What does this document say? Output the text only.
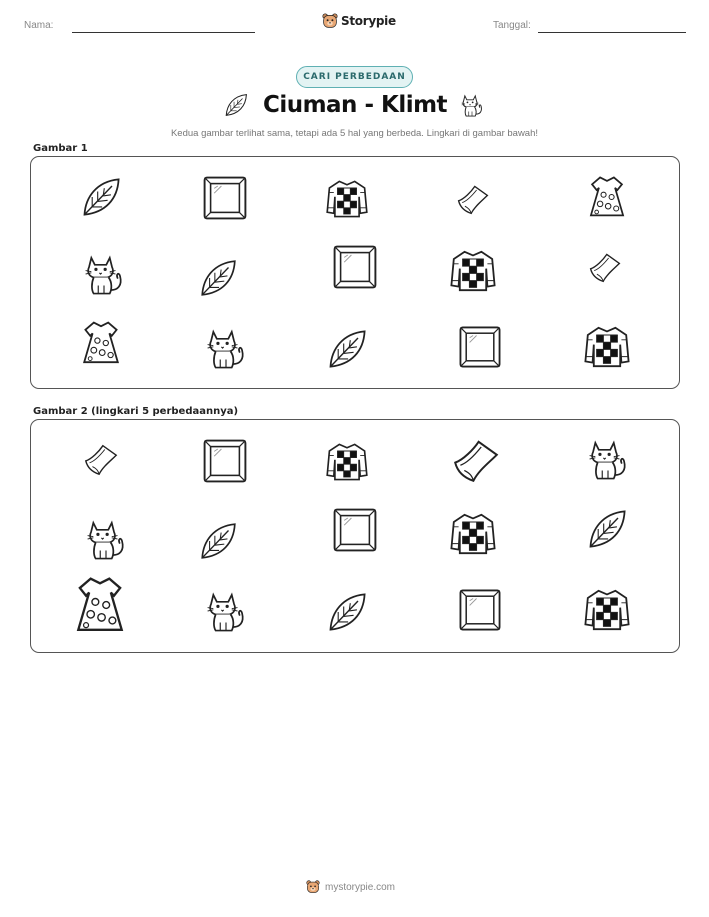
Nama:	Storypie	Tanggal:
CARI PERBEDAAN
Ciuman - Klimt
Kedua gambar terlihat sama, tetapi ada 5 hal yang berbeda. Lingkari di gambar bawah!
Gambar 1
Gambar 2 (lingkari 5 perbedaannya)
mystorypie.com
